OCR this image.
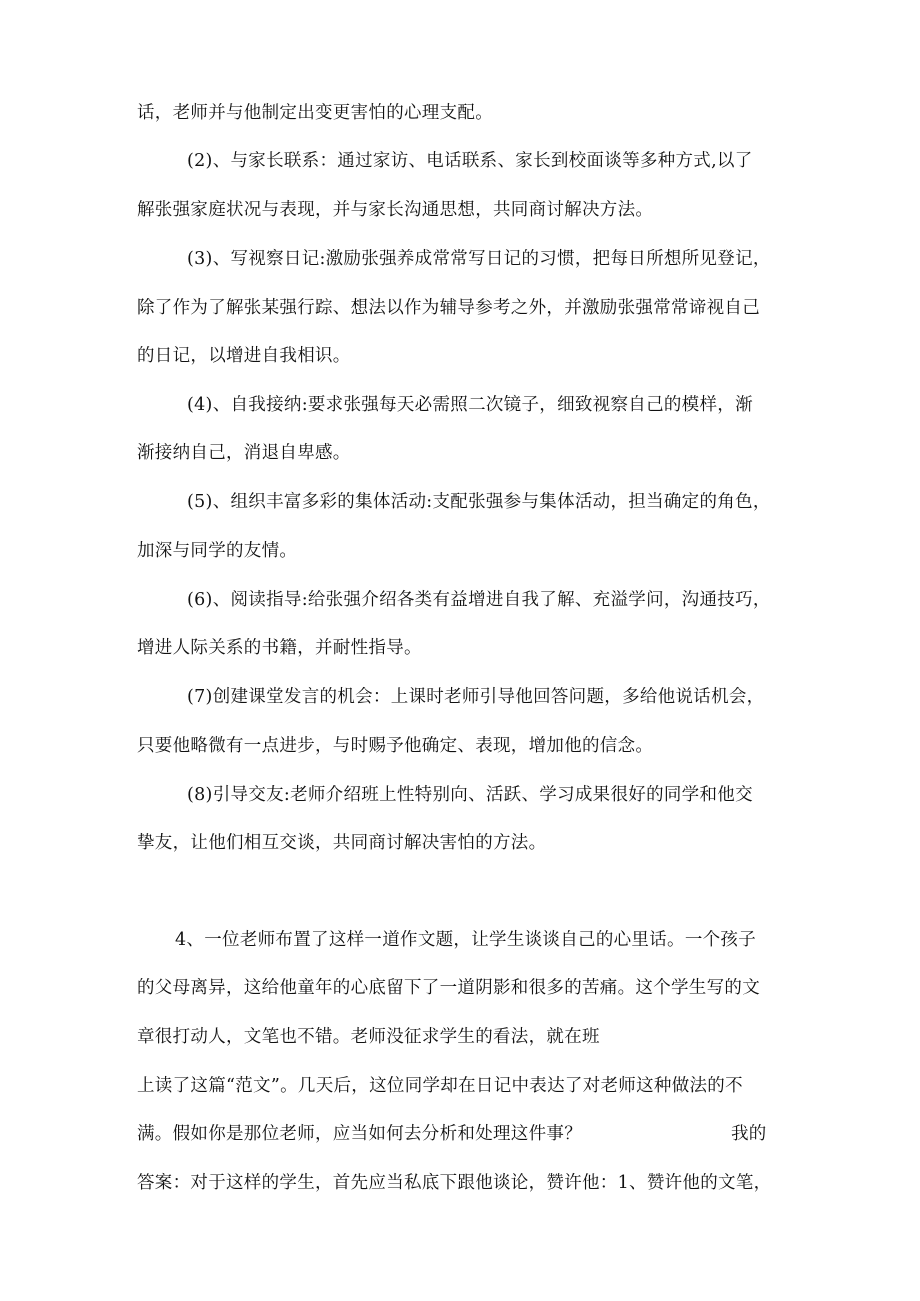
话，老师并与他制定出变更害怕的心理支配。
(2)、与家长联系：通过家访、电话联系、家长到校面谈等多种方式,以了
解张强家庭状况与表现，并与家长沟通思想，共同商讨解决方法。
(3)、写视察日记:激励张强养成常常写日记的习惯，把每日所想所见登记，
除了作为了解张某强行踪、想法以作为辅导参考之外，并激励张强常常谛视自己
的日记，以增进自我相识。
(4)、自我接纳:要求张强每天必需照二次镜子，细致视察自己的模样，渐
渐接纳自己，消退自卑感。
(5)、组织丰富多彩的集体活动:支配张强参与集体活动，担当确定的角色，
加深与同学的友情。
(6)、阅读指导:给张强介绍各类有益增进自我了解、充溢学问，沟通技巧，
增进人际关系的书籍，并耐性指导。
(7)创建课堂发言的机会：上课时老师引导他回答问题，多给他说话机会，
只要他略微有一点进步，与时赐予他确定、表现，增加他的信念。
(8)引导交友:老师介绍班上性特别向、活跃、学习成果很好的同学和他交
挚友，让他们相互交谈，共同商讨解决害怕的方法。
4、一位老师布置了这样一道作文题，让学生谈谈自己的心里话。一个孩子
的父母离异，这给他童年的心底留下了一道阴影和很多的苦痛。这个学生写的文
章很打动人，文笔也不错。老师没征求学生的看法，就在班
上读了这篇“范文”。几天后，这位同学却在日记中表达了对老师这种做法的不
满。假如你是那位老师，应当如何去分析和处理这件事？	我的
答案：对于这样的学生，首先应当私底下跟他谈论，赞许他：1、赞许他的文笔，
